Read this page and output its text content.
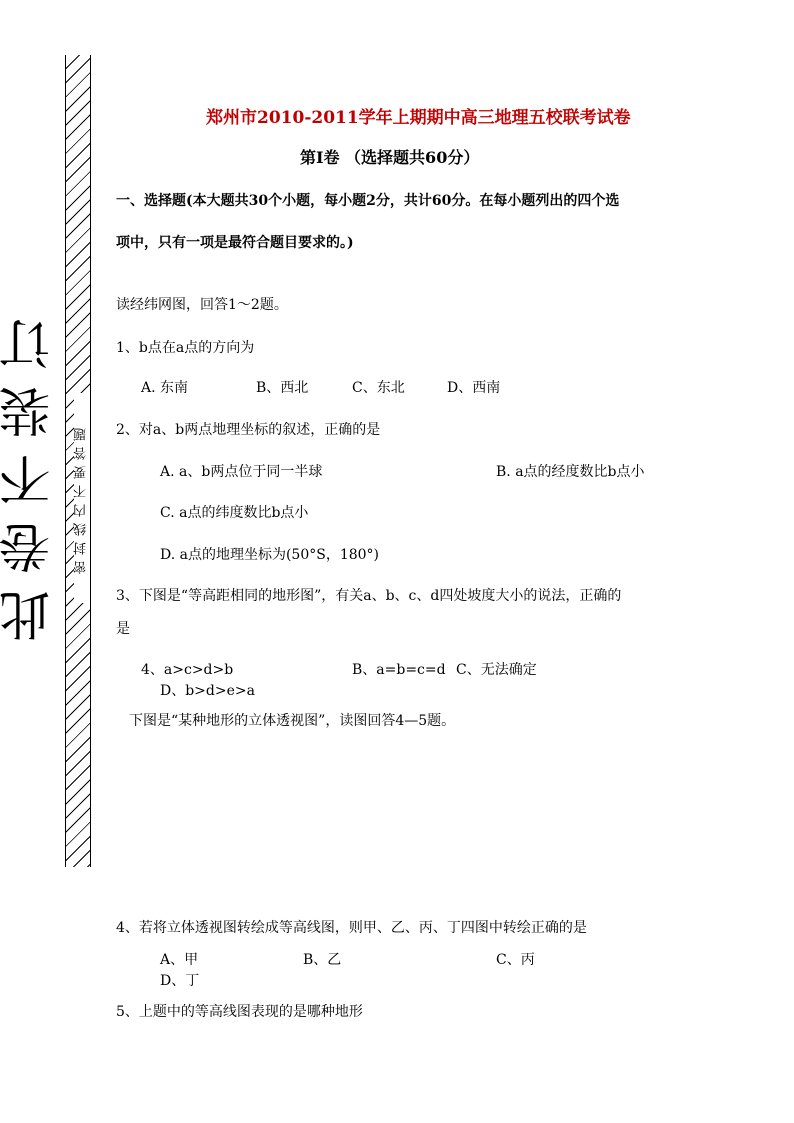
此卷不装订 密封线内不要答题
郑州市2010-2011学年上期期中高三地理五校联考试卷
第I卷 （选择题共60分）
一、选择题(本大题共30个小题，每小题2分，共计60分。在每小题列出的四个选
项中，只有一项是最符合题目要求的。)
读经纬网图，回答1～2题。
1、b点在a点的方向为
A. 东南	B、西北	C、东北	D、西南
2、对a、b两点地理坐标的叙述，正确的是
A. a、b两点位于同一半球	B. a点的经度数比b点小
C. a点的纬度数比b点小
D. a点的地理坐标为(50°S，180°)
3、下图是“等高距相同的地形图”，有关a、b、c、d四处坡度大小的说法，正确的
是
4、a>c>d>b	B、a=b=c=d C、无法确定
D、b>d>e>a
下图是“某种地形的立体透视图”，读图回答4—5题。
4、若将立体透视图转绘成等高线图，则甲、乙、丙、丁四图中转绘正确的是
A、甲	B、乙	C、丙
D、丁
5、上题中的等高线图表现的是哪种地形
